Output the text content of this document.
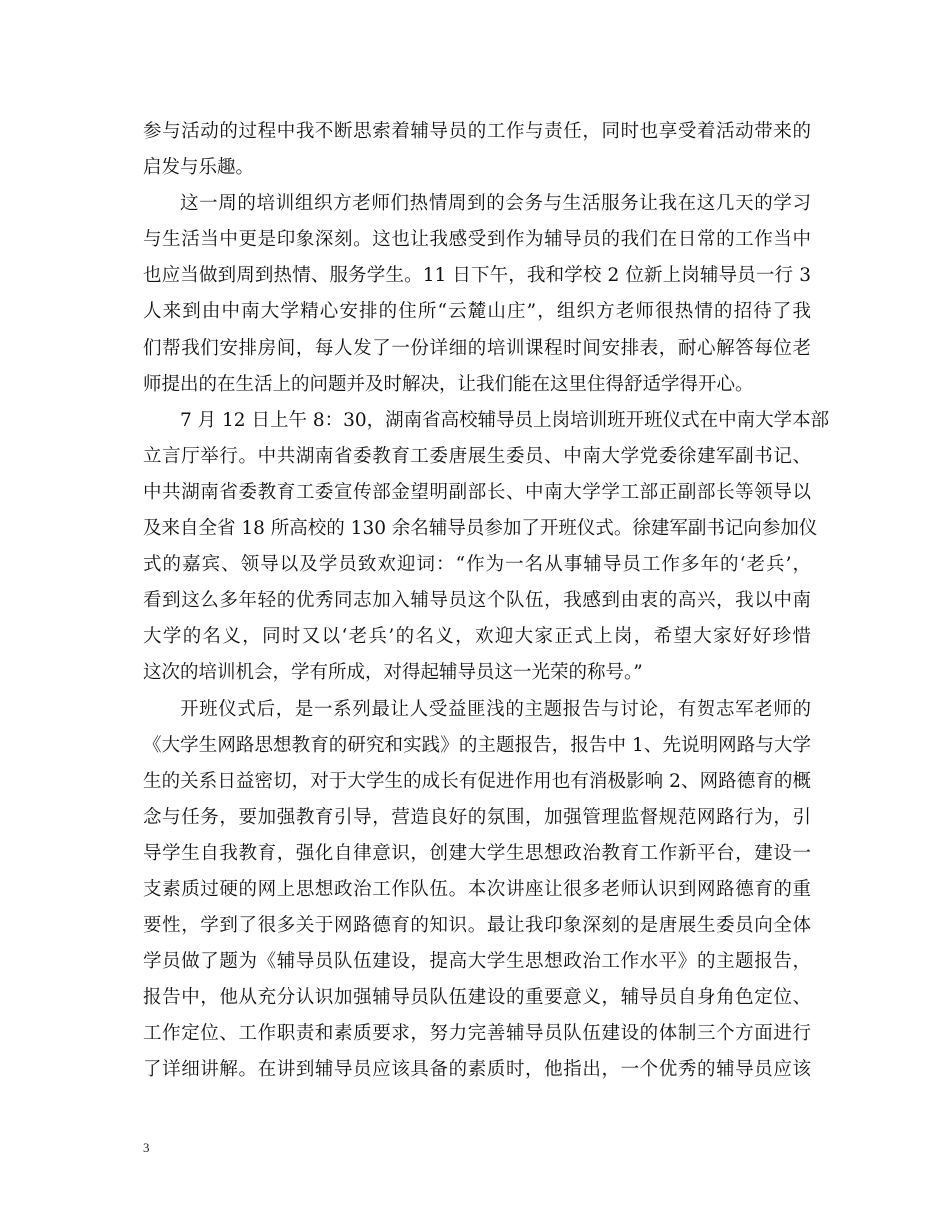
参与活动的过程中我不断思索着辅导员的工作与责任，同时也享受着活动带来的
启发与乐趣。
这一周的培训组织方老师们热情周到的会务与生活服务让我在这几天的学习
与生活当中更是印象深刻。这也让我感受到作为辅导员的我们在日常的工作当中
也应当做到周到热情、服务学生。11 日下午，我和学校 2 位新上岗辅导员一行 3
人来到由中南大学精心安排的住所“云麓山庄”，组织方老师很热情的招待了我
们帮我们安排房间，每人发了一份详细的培训课程时间安排表，耐心解答每位老
师提出的在生活上的问题并及时解决，让我们能在这里住得舒适学得开心。
7 月 12 日上午 8：30，湖南省高校辅导员上岗培训班开班仪式在中南大学本部
立言厅举行。中共湖南省委教育工委唐展生委员、中南大学党委徐建军副书记、
中共湖南省委教育工委宣传部金望明副部长、中南大学学工部正副部长等领导以
及来自全省 18 所高校的 130 余名辅导员参加了开班仪式。徐建军副书记向参加仪
式的嘉宾、领导以及学员致欢迎词：“作为一名从事辅导员工作多年的‘老兵’，
看到这么多年轻的优秀同志加入辅导员这个队伍，我感到由衷的高兴，我以中南
大学的名义，同时又以‘老兵’的名义，欢迎大家正式上岗，希望大家好好珍惜
这次的培训机会，学有所成，对得起辅导员这一光荣的称号。”
开班仪式后，是一系列最让人受益匪浅的主题报告与讨论，有贺志军老师的
《大学生网路思想教育的研究和实践》的主题报告，报告中 1、先说明网路与大学
生的关系日益密切，对于大学生的成长有促进作用也有消极影响 2、网路德育的概
念与任务，要加强教育引导，营造良好的氛围，加强管理监督规范网路行为，引
导学生自我教育，强化自律意识，创建大学生思想政治教育工作新平台，建设一
支素质过硬的网上思想政治工作队伍。本次讲座让很多老师认识到网路德育的重
要性，学到了很多关于网路德育的知识。最让我印象深刻的是唐展生委员向全体
学员做了题为《辅导员队伍建设，提高大学生思想政治工作水平》的主题报告，
报告中，他从充分认识加强辅导员队伍建设的重要意义，辅导员自身角色定位、
工作定位、工作职责和素质要求，努力完善辅导员队伍建设的体制三个方面进行
了详细讲解。在讲到辅导员应该具备的素质时，他指出，一个优秀的辅导员应该
3
